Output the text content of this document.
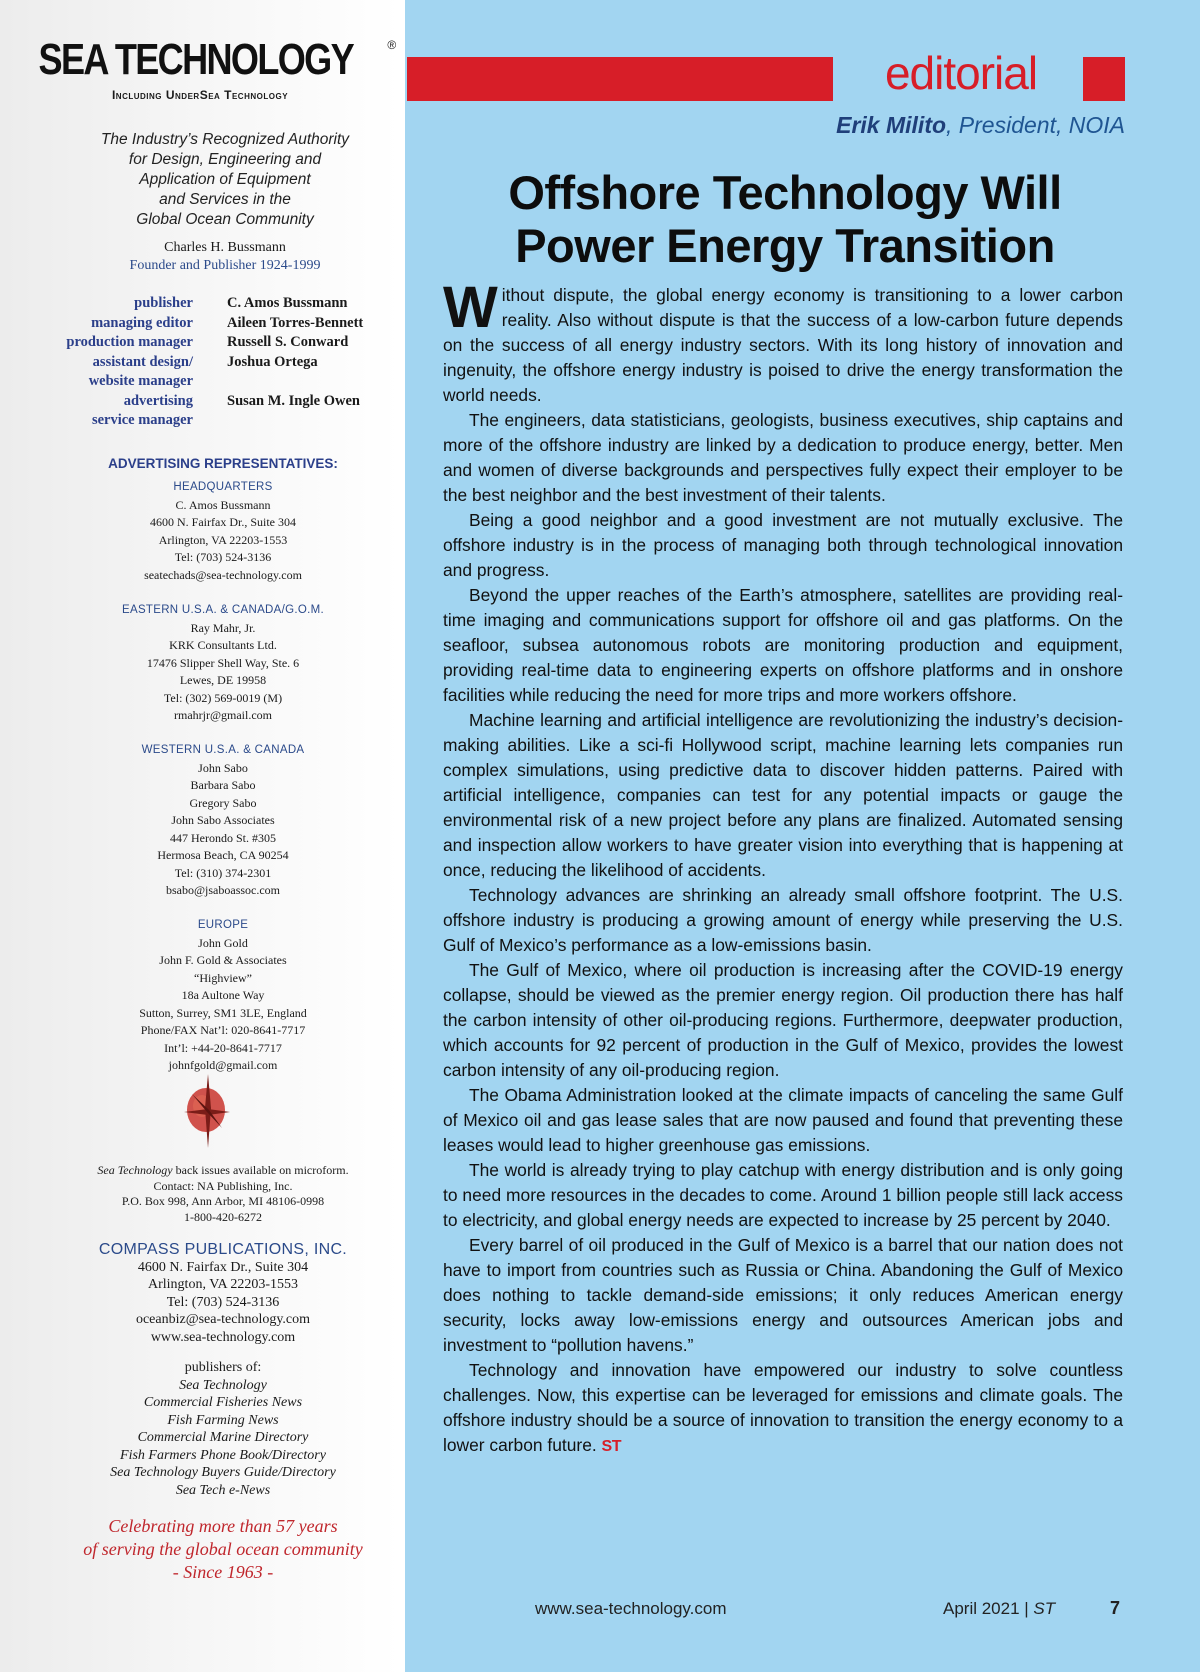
SEA TECHNOLOGY	®
Including UnderSea Technology
The Industry’s Recognized Authority
for Design, Engineering and
Application of Equipment
and Services in the
Global Ocean Community
Charles H. Bussmann
Founder and Publisher 1924-1999
publisher C. Amos Bussmann
managing editor Aileen Torres-Bennett
production manager Russell S. Conward
assistant design/ Joshua Ortega
website manager
advertising Susan M. Ingle Owen
service manager
ADVERTISING REPRESENTATIVES:
HEADQUARTERS
C. Amos Bussmann
4600 N. Fairfax Dr., Suite 304
Arlington, VA 22203-1553
Tel: (703) 524-3136
seatechads@sea-technology.com
EASTERN U.S.A. & CANADA/G.O.M.
Ray Mahr, Jr.
KRK Consultants Ltd.
17476 Slipper Shell Way, Ste. 6
Lewes, DE 19958
Tel: (302) 569-0019 (M)
rmahrjr@gmail.com
WESTERN U.S.A. & CANADA
John Sabo
Barbara Sabo
Gregory Sabo
John Sabo Associates
447 Herondo St. #305
Hermosa Beach, CA 90254
Tel: (310) 374-2301
bsabo@jsaboassoc.com
EUROPE
John Gold
John F. Gold & Associates
“Highview”
18a Aultone Way
Sutton, Surrey, SM1 3LE, England
Phone/FAX Nat’l: 020-8641-7717
Int’l: +44-20-8641-7717
johnfgold@gmail.com
Sea Technology back issues available on microform.
Contact: NA Publishing, Inc.
P.O. Box 998, Ann Arbor, MI 48106-0998
1-800-420-6272
COMPASS PUBLICATIONS, INC.
4600 N. Fairfax Dr., Suite 304
Arlington, VA 22203-1553
Tel: (703) 524-3136
oceanbiz@sea-technology.com
www.sea-technology.com
publishers of:
Sea Technology
Commercial Fisheries News
Fish Farming News
Commercial Marine Directory
Fish Farmers Phone Book/Directory
Sea Technology Buyers Guide/Directory
Sea Tech e-News
Celebrating more than 57 years
of serving the global ocean community
- Since 1963 -
editorial
Erik Milito, President, NOIA
Offshore Technology Will
Power Energy Transition

Without dispute, the global energy economy is transitioning to a lower carbon reality. Also without dispute is that the success of a low-carbon future depends on the success of all energy industry sectors. With its long history of innovation and ingenuity, the offshore energy industry is poised to drive the energy transformation the world needs.

The engineers, data statisticians, geologists, business executives, ship captains and more of the offshore industry are linked by a dedication to produce energy, better. Men and women of diverse backgrounds and perspectives fully expect their employer to be the best neighbor and the best investment of their talents.

Being a good neighbor and a good investment are not mutually exclusive. The offshore industry is in the process of managing both through technological innovation and progress.

Beyond the upper reaches of the Earth’s atmosphere, satellites are providing real-time imaging and communications support for offshore oil and gas platforms. On the seafloor, subsea autonomous robots are monitoring production and equipment, providing real-time data to engineering experts on offshore platforms and in onshore facilities while reducing the need for more trips and more workers offshore.

Machine learning and artificial intelligence are revolutionizing the industry’s decision-making abilities. Like a sci-fi Hollywood script, machine learning lets companies run complex simulations, using predictive data to discover hidden patterns. Paired with artificial intelligence, companies can test for any potential impacts or gauge the environmental risk of a new project before any plans are finalized. Automated sensing and inspection allow workers to have greater vision into everything that is happening at once, reducing the likelihood of accidents.

Technology advances are shrinking an already small offshore footprint. The U.S. offshore industry is producing a growing amount of energy while preserving the U.S. Gulf of Mexico’s performance as a low-emissions basin.

The Gulf of Mexico, where oil production is increasing after the COVID-19 energy collapse, should be viewed as the premier energy region. Oil production there has half the carbon intensity of other oil-producing regions. Furthermore, deepwater production, which accounts for 92 percent of production in the Gulf of Mexico, provides the lowest carbon intensity of any oil-producing region.

The Obama Administration looked at the climate impacts of canceling the same Gulf of Mexico oil and gas lease sales that are now paused and found that preventing these leases would lead to higher greenhouse gas emissions.

The world is already trying to play catchup with energy distribution and is only going to need more resources in the decades to come. Around 1 billion people still lack access to electricity, and global energy needs are expected to increase by 25 percent by 2040.

Every barrel of oil produced in the Gulf of Mexico is a barrel that our nation does not have to import from countries such as Russia or China. Abandoning the Gulf of Mexico does nothing to tackle demand-side emissions; it only reduces American energy security, locks away low-emissions energy and outsources American jobs and investment to “pollution havens.”

Technology and innovation have empowered our industry to solve countless challenges. Now, this expertise can be leveraged for emissions and climate goals. The offshore industry should be a source of innovation to transition the energy economy to a lower carbon future. ST

www.sea-technology.com	April 2021 | ST	7
